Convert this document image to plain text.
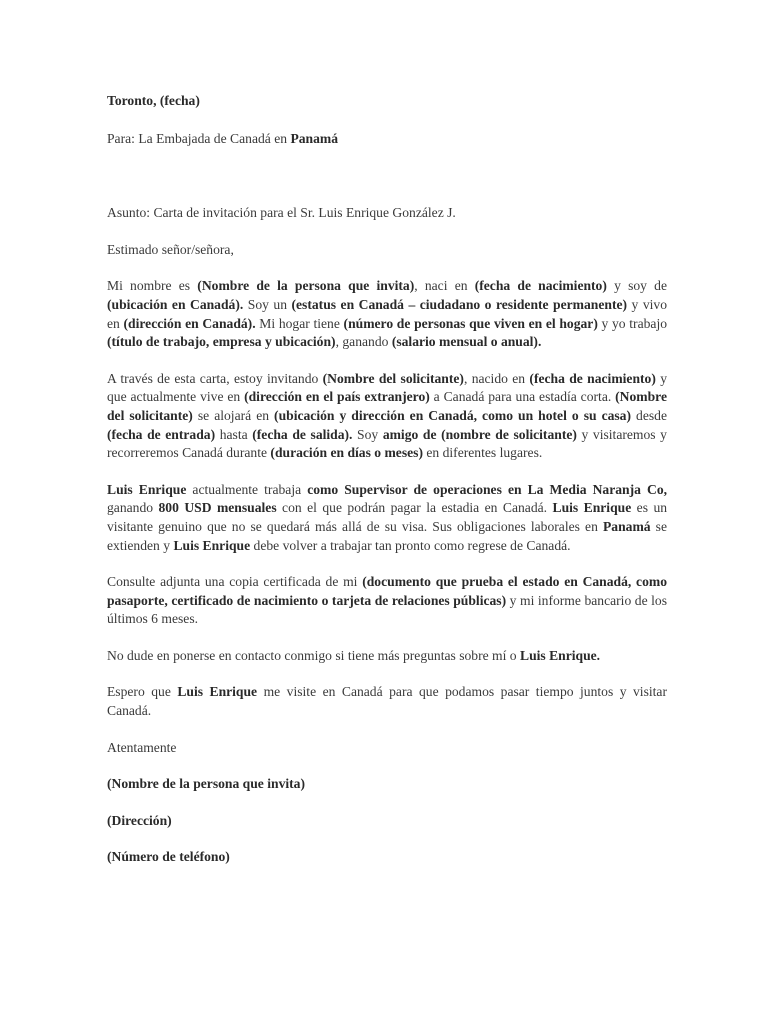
Toronto, (fecha)

Para: La Embajada de Canadá en Panamá

Asunto: Carta de invitación para el Sr. Luis Enrique González J.

Estimado señor/señora,

Mi nombre es (Nombre de la persona que invita), naci en (fecha de nacimiento) y soy de (ubicación en Canadá). Soy un (estatus en Canadá – ciudadano o residente permanente) y vivo en (dirección en Canadá). Mi hogar tiene (número de personas que viven en el hogar) y yo trabajo (título de trabajo, empresa y ubicación), ganando (salario mensual o anual).

A través de esta carta, estoy invitando (Nombre del solicitante), nacido en (fecha de nacimiento) y que actualmente vive en (dirección en el país extranjero) a Canadá para una estadía corta. (Nombre del solicitante) se alojará en (ubicación y dirección en Canadá, como un hotel o su casa) desde (fecha de entrada) hasta (fecha de salida). Soy amigo de (nombre de solicitante) y visitaremos y recorreremos Canadá durante (duración en días o meses) en diferentes lugares.

Luis Enrique actualmente trabaja como Supervisor de operaciones en La Media Naranja Co, ganando 800 USD mensuales con el que podrán pagar la estadia en Canadá. Luis Enrique es un visitante genuino que no se quedará más allá de su visa. Sus obligaciones laborales en Panamá se extienden y Luis Enrique debe volver a trabajar tan pronto como regrese de Canadá.

Consulte adjunta una copia certificada de mi (documento que prueba el estado en Canadá, como pasaporte, certificado de nacimiento o tarjeta de relaciones públicas) y mi informe bancario de los últimos 6 meses.

No dude en ponerse en contacto conmigo si tiene más preguntas sobre mí o Luis Enrique.

Espero que Luis Enrique me visite en Canadá para que podamos pasar tiempo juntos y visitar Canadá.

Atentamente

(Nombre de la persona que invita)

(Dirección)

(Número de teléfono)
